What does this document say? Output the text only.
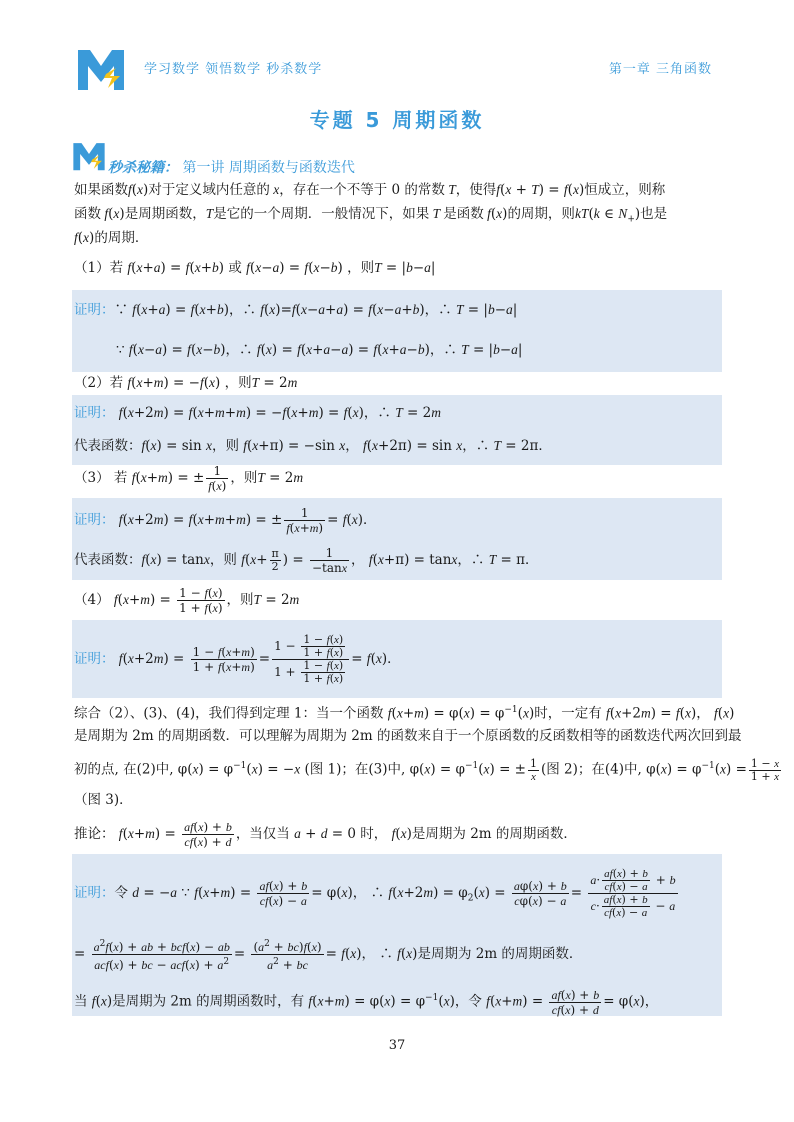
学习数学 领悟数学 秒杀数学	第一章 三角函数
专题 5 周期函数
秒杀秘籍： 第一讲 周期函数与函数迭代
如果函数f(x)对于定义域内任意的 x，存在一个不等于 0 的常数 T，使得f(x + T) = f(x)恒成立，则称
函数 f(x)是周期函数，T是它的一个周期．一般情况下，如果 T 是函数 f(x)的周期，则kT(k ∈ $N_+$)也是
f(x)的周期．
（1）若 f(x+a) = f(x+b) 或 f(x−a) = f(x−b) ，则T = |b−a|
证明：∵ f(x+a) = f(x+b)，∴ f(x)=f(x−a+a) = f(x−a+b)，∴ T = |b−a|
∵ f(x−a) = f(x−b)，∴ f(x) = f(x+a−a) = f(x+a−b)，∴ T = |b−a|
（2）若 f(x+m) = −f(x) ，则T = 2m
证明： f(x+2m) = f(x+m+m) = −f(x+m) = f(x)，∴ T = 2m
代表函数：f(x) = sin x，则 f(x+π) = −sin x， f(x+2π) = sin x，∴ T = 2π．
（3） 若 f(x+m) = ± $\frac{1}{f(x)}$ ，则T = 2m
证明： f(x+2m) = f(x+m+m) = ± $\frac{1}{f(x+m)} = f(x)$．
代表函数：f(x) = tanx，则 $f(x+ \frac{\pi}{2}$ ) = $\frac{1}{-\tan x}$ ， f(x+π) = tanx，∴ T = π．
（4） $f(x+m) = \frac{1 - f(x)}{1 + f(x)}$ ，则T = 2m
证明： $f(x+2m) = \frac{1 - f(x+m)}{1 + f(x+m)} = \frac{1 - \frac{1 - f(x)}{1 + f(x)}}{1 + \frac{1 - f(x)}{1 + f(x)}} = f(x)$．
综合（2）、(3)、(4)，我们得到定理 1：当一个函数 $f(x+m) = \varphi(x) = \varphi^{-1}(x)$时，一定有 f(x+2m) = f(x)， f(x)
是周期为 2m 的周期函数．可以理解为周期为 2m 的函数来自于一个原函数的反函数相等的函数迭代两次回到最
初的点, 在(2)中, $\varphi(x) = \varphi^{-1}(x) = -x$ (图 1)；在(3)中, $\varphi(x) = \varphi^{-1}(x)$ = ± $\frac{1}{x}$ (图 2)；在(4)中, $\varphi(x) = \varphi^{-1}(x) = \frac{1 - x}{1 + x}$
（图 3)．
推论： $f(x+m) = \frac{af(x) + b}{cf(x) + d}$ ，当仅当 a + d = 0 时， f(x)是周期为 2m 的周期函数．
证明：令 d = −a ∵ $f(x+m) = \frac{af(x) + b}{cf(x) - a} = \varphi(x)$， ∴ $f(x+2m) = \varphi_2(x) = \frac{a\varphi(x) + b}{c\varphi(x) - a} = \frac{a\cdot \frac{af(x) + b}{cf(x) - a} + b}{c\cdot \frac{af(x) + b}{cf(x) - a} - a}$
= $\frac{a^2f(x) + ab + bcf(x) - ab}{acf(x) + bc - acf(x) + a^2} = \frac{(a^2 + bc)f(x)}{a^2 + bc} = f(x)$， ∴ f(x)是周期为 2m 的周期函数．
当 f(x)是周期为 2m 的周期函数时，有 $f(x+m) = \varphi(x) = \varphi^{-1}(x)$，令 $f(x+m) = \frac{af(x) + b}{cf(x) + d} = \varphi(x)$，
37
